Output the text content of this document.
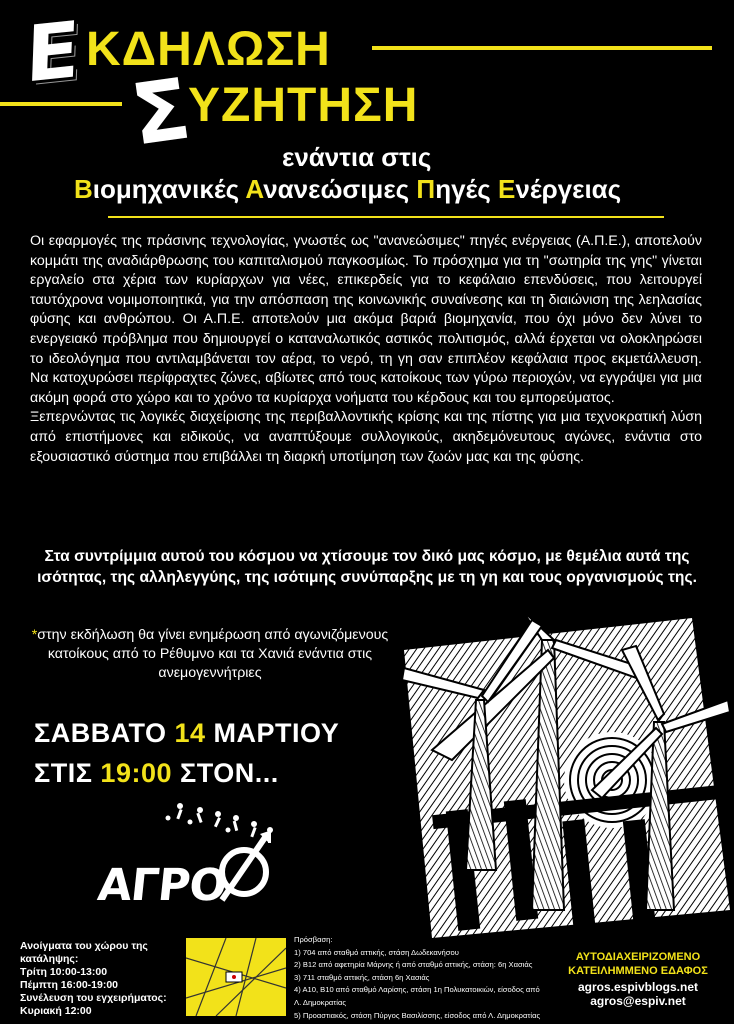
Ε ΚΔΗΛΩΣΗ
Σ
ΥΖΗΤΗΣΗ
ενάντια στις
Βιομηχανικές Ανανεώσιμες Πηγές Ενέργειας

Οι εφαρμογές της πράσινης τεχνολογίας, γνωστές ως "ανανεώσιμες" πηγές ενέργειας (Α.Π.Ε.), αποτελούν κομμάτι της αναδιάρθρωσης του καπιταλισμού παγκοσμίως. Το πρόσχημα για τη "σωτηρία της γης" γίνεται εργαλείο στα χέρια των κυρίαρχων για νέες, επικερδείς για το κεφάλαιο επενδύσεις, που λειτουργεί ταυτόχρονα νομιμοποιητικά, για την απόσπαση της κοινωνικής συναίνεσης και τη διαιώνιση της λεηλασίας φύσης και ανθρώπου. Οι Α.Π.Ε. αποτελούν μια ακόμα βαριά βιομηχανία, που όχι μόνο δεν λύνει το ενεργειακό πρόβλημα που δημιουργεί ο καταναλωτικός αστικός πολιτισμός, αλλά έρχεται να ολοκληρώσει το ιδεολόγημα που αντιλαμβάνεται τον αέρα, το νερό, τη γη σαν επιπλέον κεφάλαια προς εκμετάλλευση. Να κατοχυρώσει περίφραχτες ζώνες, αβίωτες από τους κατοίκους των γύρω περιοχών, να εγγράψει για μια ακόμη φορά στο χώρο και το χρόνο τα κυρίαρχα νοήματα του κέρδους και του εμπορεύματος.

Ξεπερνώντας τις λογικές διαχείρισης της περιβαλλοντικής κρίσης και της πίστης για μια τεχνοκρατική λύση από επιστήμονες και ειδικούς, να αναπτύξουμε συλλογικούς, ακηδεμόνευτους αγώνες, ενάντια στο εξουσιαστικό σύστημα που επιβάλλει τη διαρκή υποτίμηση των ζωών μας και της φύσης.

Στα συντρίμμια αυτού του κόσμου να χτίσουμε τον δικό μας κόσμο, με θεμέλια αυτά της ισότητας, της αλληλεγγύης, της ισότιμης συνύπαρξης με τη γη και τους οργανισμούς της.
*στην εκδήλωση θα γίνει ενημέρωση από αγωνιζόμενους κατοίκους από το Ρέθυμνο και τα Χανιά ενάντια στις ανεμογεννήτριες
ΣΑΒΒΑΤΟ 14 ΜΑΡΤΙΟΥ
ΣΤΙΣ 19:00 ΣΤΟΝ...
ΑΓΡΟ
Ανοίγματα του χώρου της κατάληψης:
Τρίτη 10:00-13:00
Πέμπτη 16:00-19:00
Συνέλευση του εγχειρήματος:
Κυριακή 12:00
Πρόσβαση:
1) 704 από σταθμό αττικής, στάση Δωδεκανήσου
2) Β12 από αφετηρία Μάρνης ή από σταθμό αττικής, στάση: 6η Χασιάς
3) 711 σταθμό αττικής, στάση 6η Χασιάς
4) Α10, Β10 από σταθμό Λαρίσης, στάση 1η Πολυκατοικιών, είσοδος από Λ. Δημοκρατίας
5) Προαστιακός, στάση Πύργος Βασιλίσσης, είσοδος από Λ. Δημοκρατίας
ΑΥΤΟΔΙΑΧΕΙΡΙΖΟΜΕΝΟ
ΚΑΤΕΙΛΗΜΜΕΝΟ ΕΔΑΦΟΣ
agros.espivblogs.net
agros@espiv.net
